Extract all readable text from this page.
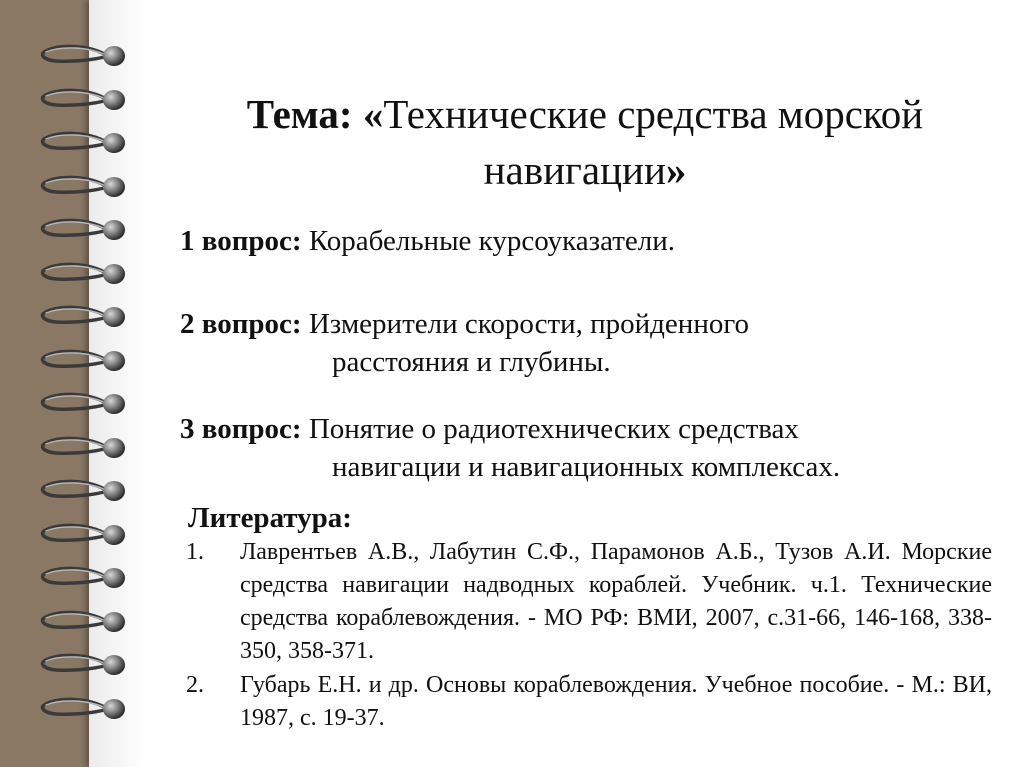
Тема: «Технические средства морской
навигации»
1 вопрос: Корабельные курсоуказатели.
2 вопрос: Измерители скорости, пройденного
расстояния и глубины.
3 вопрос: Понятие о радиотехнических средствах
навигации и навигационных комплексах.
Литература:
1. Лаврентьев А.В., Лабутин С.Ф., Парамонов А.Б., Тузов А.И. Морские средства навигации надводных кораблей. Учебник. ч.1. Технические средства кораблевождения. - МО РФ: ВМИ, 2007, с.31-66, 146-168, 338-350, 358-371.
2. Губарь Е.Н. и др. Основы кораблевождения. Учебное пособие. - М.: ВИ, 1987, с. 19-37.
